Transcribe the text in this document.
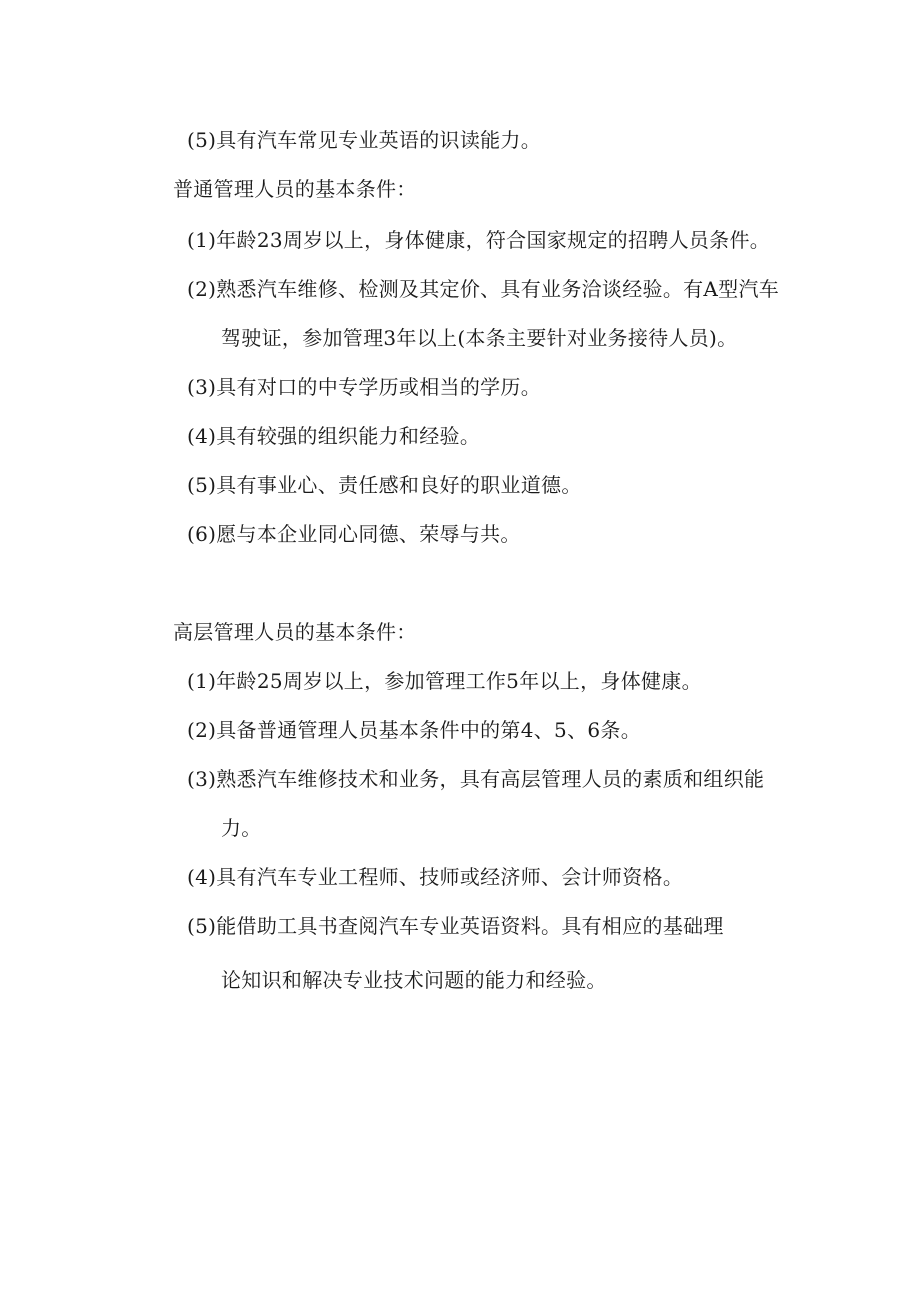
(5)具有汽车常见专业英语的识读能力。
普通管理人员的基本条件：
(1)年龄23周岁以上，身体健康，符合国家规定的招聘人员条件。
(2)熟悉汽车维修、检测及其定价、具有业务洽谈经验。有A型汽车
驾驶证，参加管理3年以上(本条主要针对业务接待人员)。
(3)具有对口的中专学历或相当的学历。
(4)具有较强的组织能力和经验。
(5)具有事业心、责任感和良好的职业道德。
(6)愿与本企业同心同德、荣辱与共。
高层管理人员的基本条件：
(1)年龄25周岁以上，参加管理工作5年以上，身体健康。
(2)具备普通管理人员基本条件中的第4、5、6条。
(3)熟悉汽车维修技术和业务，具有高层管理人员的素质和组织能
力。
(4)具有汽车专业工程师、技师或经济师、会计师资格。
(5)能借助工具书查阅汽车专业英语资料。具有相应的基础理
论知识和解决专业技术问题的能力和经验。
